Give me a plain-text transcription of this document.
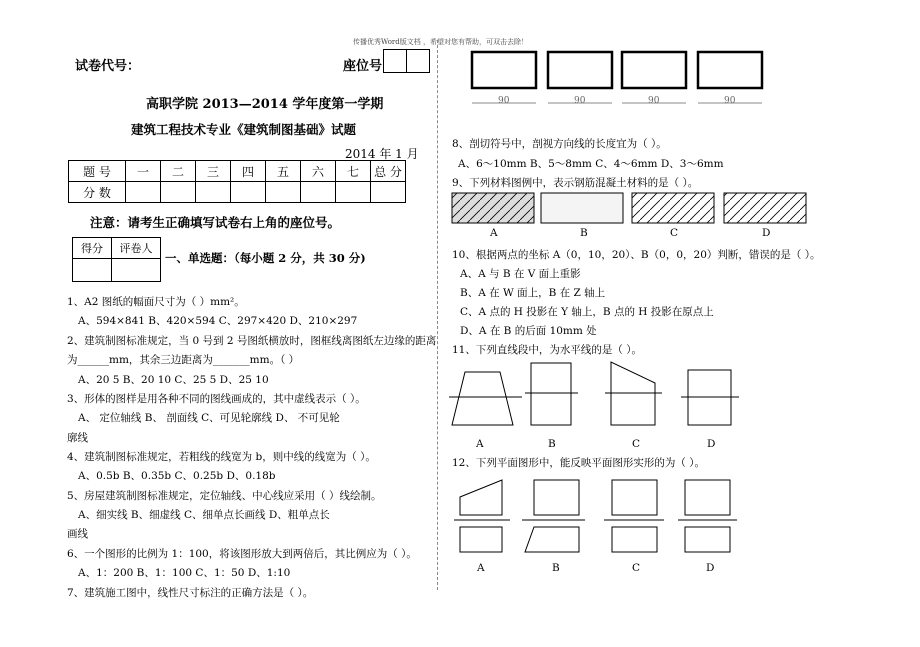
传播优秀Word版文档 ，希望对您有帮助，可双击去除！
试卷代号：	座位号
高职学院 2013—2014 学年度第一学期
建筑工程技术专业《建筑制图基础》试题
2014 年 1 月
题 号	一	二	三	四	五	六	七	总 分
分 数								
注意：请考生正确填写试卷右上角的座位号。
得分	评卷人

一、单选题：（每小题 2 分，共 30 分)
1、A2 图纸的幅面尺寸为（ ）mm²。
A、594×841 B、420×594 C、297×420 D、210×297
2、建筑制图标准规定，当 0 号到 2 号图纸横放时，图框线离图纸左边缘的距离
为______mm，其余三边距离为_______mm。（ ）
A、20 5 B、20 10 C、25 5 D、25 10
3、形体的图样是用各种不同的图线画成的，其中虚线表示（ ）。
A、 定位轴线 B、 剖面线 C、可见轮廓线 D、 不可见轮
廓线
4、建筑制图标准规定，若粗线的线宽为 b，则中线的线宽为（ ）。
A、0.5b B、0.35b C、0.25b D、0.18b
5、房屋建筑制图标准规定，定位轴线、中心线应采用（ ）线绘制。
A、细实线 B、细虚线 C、细单点长画线 D、粗单点长
画线
6、一个图形的比例为 1：100，将该图形放大到两倍后，其比例应为（ ）。
A、1：200 B、1：100 C、1：50 D、1:10
7、建筑施工图中，线性尺寸标注的正确方法是（ ）。
90	90	90	90
8、剖切符号中，剖视方向线的长度宜为（ ）。
A、6～10mm B、5～8mm C、4～6mm D、3～6mm
9、下列材料图例中，表示钢筋混凝土材料的是（ ）。
A	B	C	D
10、根据两点的坐标 A（0，10，20）、B（0，0，20）判断，错误的是（ ）。
A、A 与 B 在 V 面上重影
B、A 在 W 面上，B 在 Z 轴上
C、A 点的 H 投影在 Y 轴上，B 点的 H 投影在原点上
D、A 在 B 的后面 10mm 处
11、下列直线段中，为水平线的是（ ）。
A	B	C	D
12、下列平面图形中，能反映平面图形实形的为（ ）。
A	B	C	D
